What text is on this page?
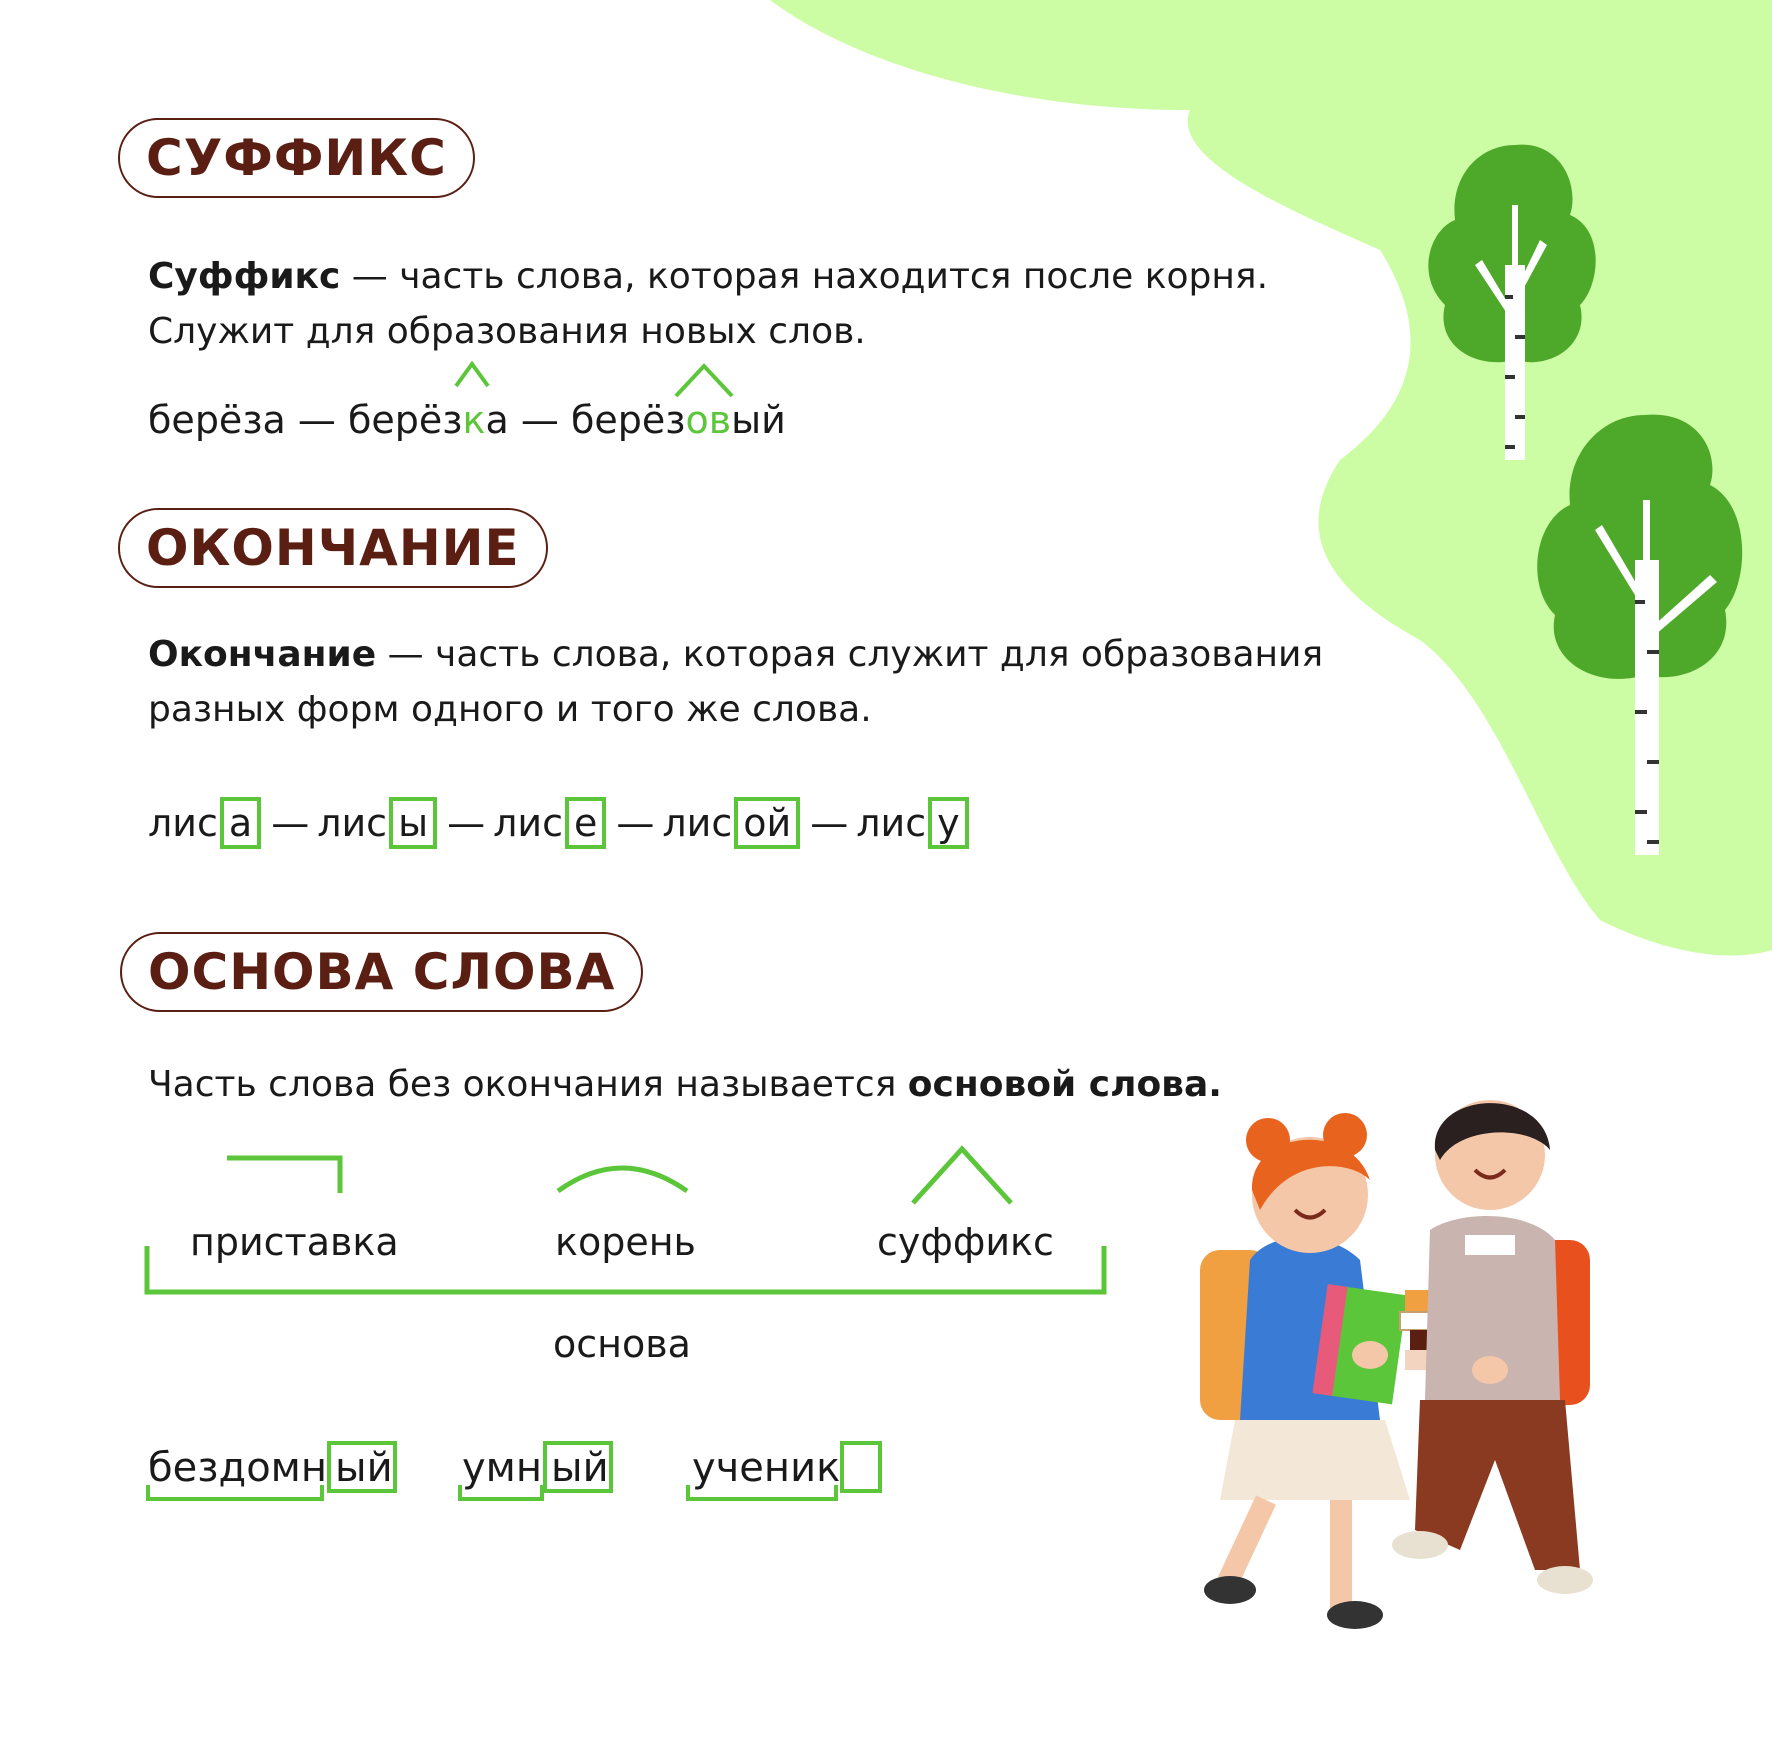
СУФФИКС
Суффикс — часть слова, которая находится после корня.
Служит для образования новых слов.
берёза — берёзка — берёзовый
ОКОНЧАНИЕ
Окончание — часть слова, которая служит для образования
разных форм одного и того же слова.
лис а — лис ы — лис е — лис ой — лис у
ОСНОВА СЛОВА
Часть слова без окончания называется основой слова.
приставка	корень	суффикс
основа
бездомн ый умн ый ученик
